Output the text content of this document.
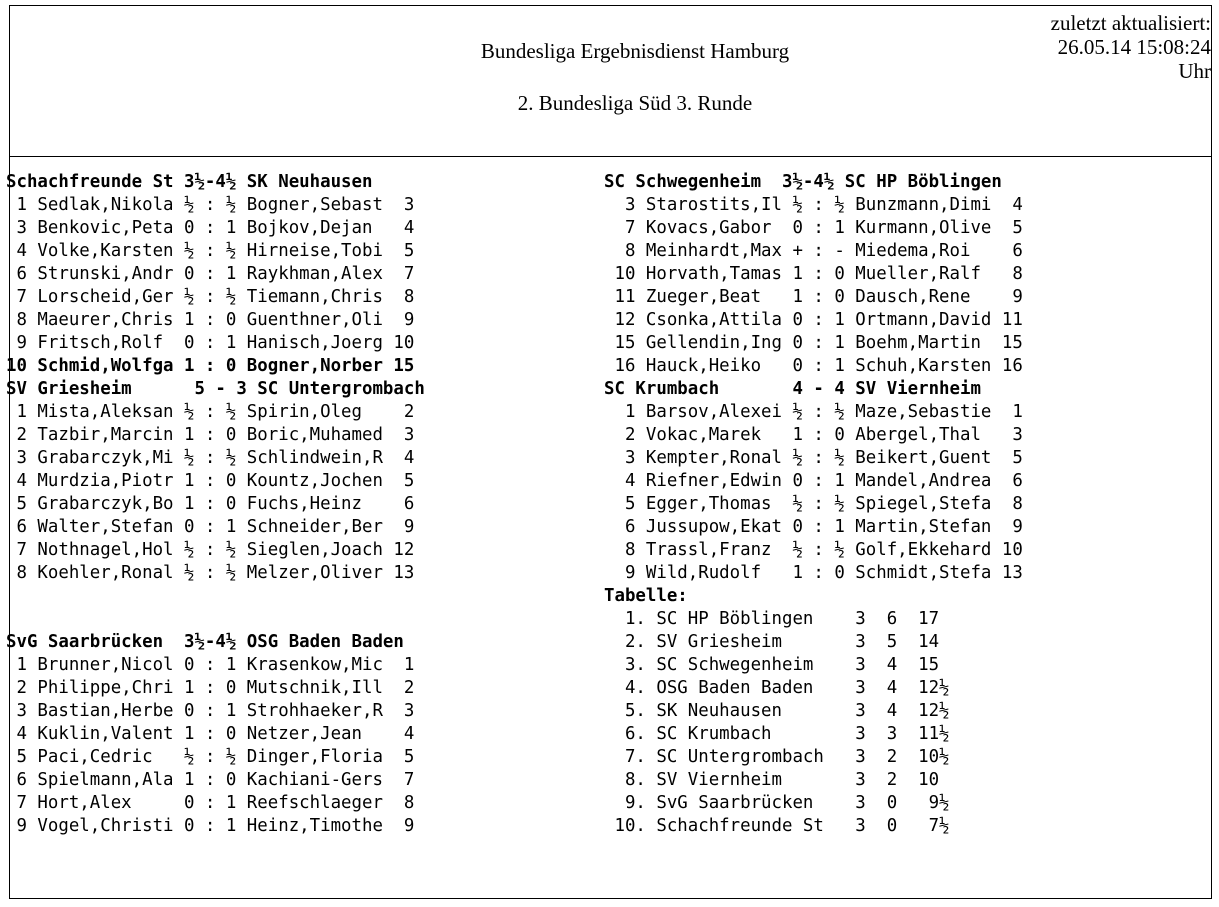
Bundesliga Ergebnisdienst Hamburg
2. Bundesliga Süd 3. Runde
zuletzt aktualisiert:
26.05.14 15:08:24
Uhr
Schachfreunde St 3½-4½ SK Neuhausen
1 Sedlak,Nikola ½ : ½ Bogner,Sebast  3
3 Benkovic,Peta 0 : 1 Bojkov,Dejan   4
4 Volke,Karsten ½ : ½ Hirneise,Tobi  5
6 Strunski,Andr 0 : 1 Raykhman,Alex  7
7 Lorscheid,Ger ½ : ½ Tiemann,Chris  8
8 Maeurer,Chris 1 : 0 Guenthner,Oli  9
9 Fritsch,Rolf  0 : 1 Hanisch,Joerg 10
10 Schmid,Wolfga 1 : 0 Bogner,Norber 15
SV Griesheim      5 - 3 SC Untergrombach
1 Mista,Aleksan ½ : ½ Spirin,Oleg    2
2 Tazbir,Marcin 1 : 0 Boric,Muhamed  3
3 Grabarczyk,Mi ½ : ½ Schlindwein,R  4
4 Murdzia,Piotr 1 : 0 Kountz,Jochen  5
5 Grabarczyk,Bo 1 : 0 Fuchs,Heinz    6
6 Walter,Stefan 0 : 1 Schneider,Ber  9
7 Nothnagel,Hol ½ : ½ Sieglen,Joach 12
8 Koehler,Ronal ½ : ½ Melzer,Oliver 13
SvG Saarbrücken  3½-4½ OSG Baden Baden
1 Brunner,Nicol 0 : 1 Krasenkow,Mic  1
2 Philippe,Chri 1 : 0 Mutschnik,Ill  2
3 Bastian,Herbe 0 : 1 Strohhaeker,R  3
4 Kuklin,Valent 1 : 0 Netzer,Jean    4
5 Paci,Cedric   ½ : ½ Dinger,Floria  5
6 Spielmann,Ala 1 : 0 Kachiani-Gers  7
7 Hort,Alex     0 : 1 Reefschlaeger  8
9 Vogel,Christi 0 : 1 Heinz,Timothe  9
SC Schwegenheim  3½-4½ SC HP Böblingen
3 Starostits,Il ½ : ½ Bunzmann,Dimi  4
7 Kovacs,Gabor  0 : 1 Kurmann,Olive  5
8 Meinhardt,Max + : - Miedema,Roi    6
10 Horvath,Tamas 1 : 0 Mueller,Ralf   8
11 Zueger,Beat   1 : 0 Dausch,Rene    9
12 Csonka,Attila 0 : 1 Ortmann,David 11
15 Gellendin,Ing 0 : 1 Boehm,Martin  15
16 Hauck,Heiko   0 : 1 Schuh,Karsten 16
SC Krumbach       4 - 4 SV Viernheim
1 Barsov,Alexei ½ : ½ Maze,Sebastie  1
2 Vokac,Marek   1 : 0 Abergel,Thal   3
3 Kempter,Ronal ½ : ½ Beikert,Guent  5
4 Riefner,Edwin 0 : 1 Mandel,Andrea  6
5 Egger,Thomas  ½ : ½ Spiegel,Stefa  8
6 Jussupow,Ekat 0 : 1 Martin,Stefan  9
8 Trassl,Franz  ½ : ½ Golf,Ekkehard 10
9 Wild,Rudolf   1 : 0 Schmidt,Stefa 13
Tabelle:
1. SC HP Böblingen    3  6  17
2. SV Griesheim       3  5  14
3. SC Schwegenheim    3  4  15
4. OSG Baden Baden    3  4  12½
5. SK Neuhausen       3  4  12½
6. SC Krumbach        3  3  11½
7. SC Untergrombach   3  2  10½
8. SV Viernheim       3  2  10
9. SvG Saarbrücken    3  0   9½
10. Schachfreunde St   3  0   7½
